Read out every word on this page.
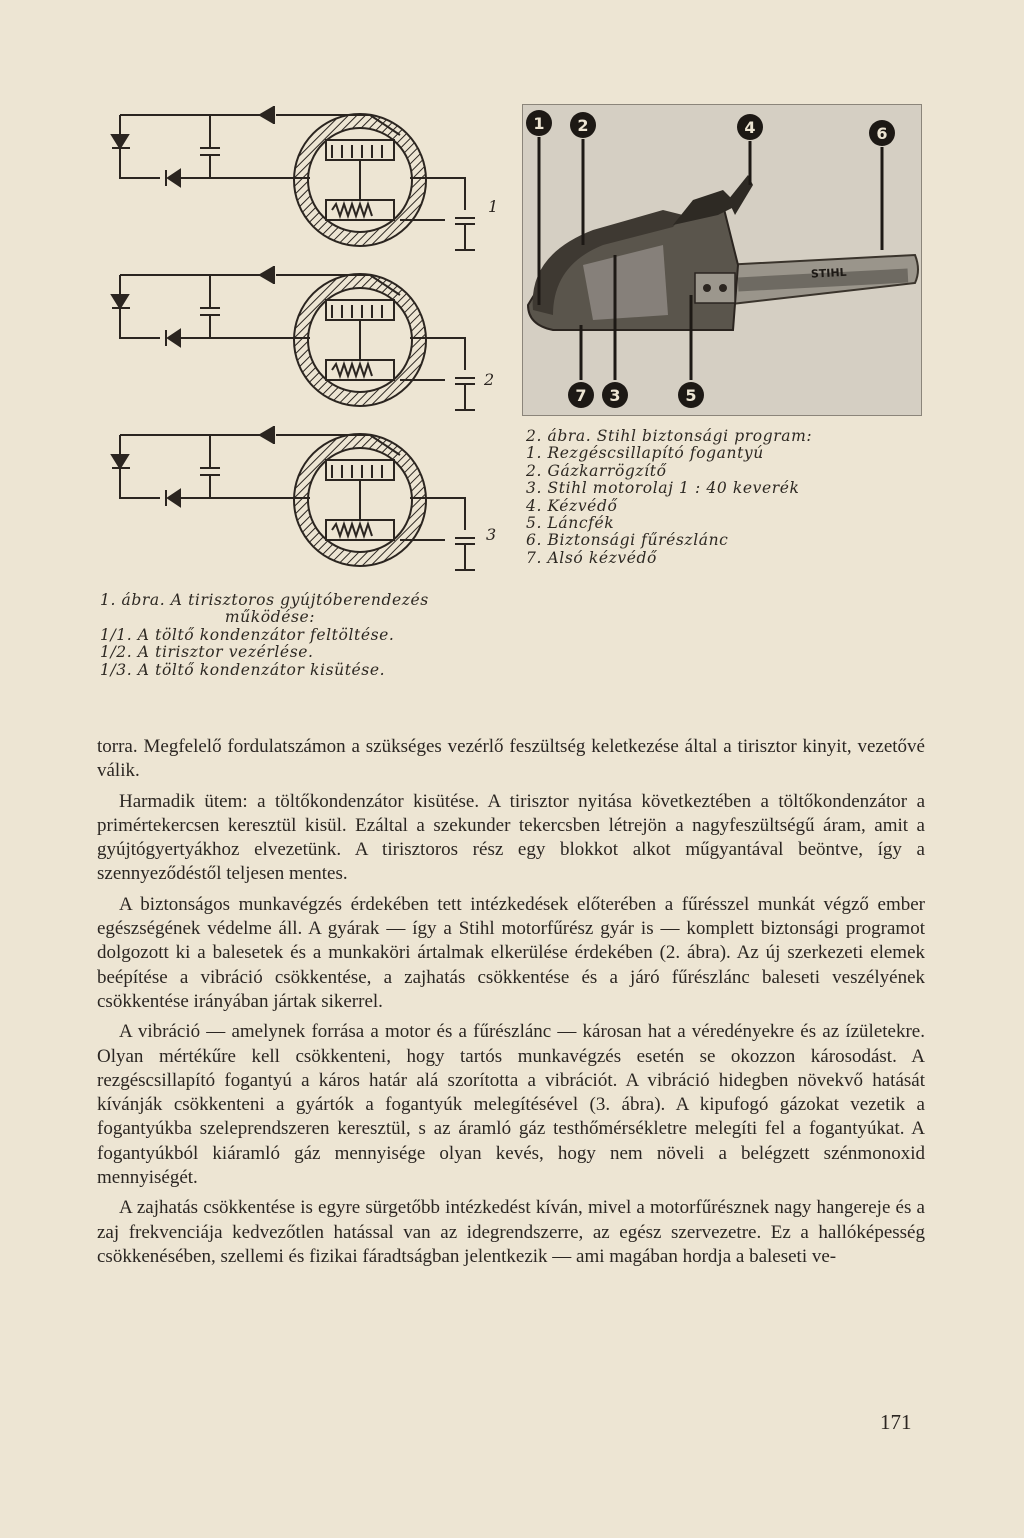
1
2
3
1 2	4	6
7 3	5
STIHL
2. ábra. Stihl biztonsági program:
1. Rezgéscsillapító fogantyú
2. Gázkarrögzítő
3. Stihl motorolaj 1 : 40 keverék
4. Kézvédő
5. Láncfék
6. Biztonsági fűrészlánc
7. Alsó kézvédő
1. ábra. A tirisztoros gyújtóberendezés
működése:
1/1. A töltő kondenzátor feltöltése.
1/2. A tirisztor vezérlése.
1/3. A töltő kondenzátor kisütése.

torra. Megfelelő fordulatszámon a szükséges vezérlő feszültség keletkezése által a tirisztor kinyit, vezetővé válik.

Harmadik ütem: a töltőkondenzátor kisütése. A tirisztor nyitása következtében a töltőkondenzátor a primértekercsen keresztül kisül. Ezáltal a szekunder tekercsben létrejön a nagyfeszültségű áram, amit a gyújtógyertyákhoz elvezetünk. A tirisztoros rész egy blokkot alkot műgyantával beöntve, így a szennyeződéstől teljesen mentes.

A biztonságos munkavégzés érdekében tett intézkedések előterében a fűrésszel munkát végző ember egészségének védelme áll. A gyárak — így a Stihl motorfűrész gyár is — komplett biztonsági programot dolgozott ki a balesetek és a munkaköri ártalmak elkerülése érdekében (2. ábra). Az új szerkezeti elemek beépítése a vibráció csökkentése, a zajhatás csökkentése és a járó fűrészlánc baleseti veszélyének csökkentése irányában jártak sikerrel.

A vibráció — amelynek forrása a motor és a fűrészlánc — károsan hat a véredényekre és az ízületekre. Olyan mértékűre kell csökkenteni, hogy tartós munkavégzés esetén se okozzon károsodást. A rezgéscsillapító fogantyú a káros határ alá szorította a vibrációt. A vibráció hidegben növekvő hatását kívánják csökkenteni a gyártók a fogantyúk melegítésével (3. ábra). A kipufogó gázokat vezetik a fogantyúkba szeleprendszeren keresztül, s az áramló gáz testhőmérsékletre melegíti fel a fogantyúkat. A fogantyúkból kiáramló gáz mennyisége olyan kevés, hogy nem növeli a belégzett szénmonoxid mennyiségét.

A zajhatás csökkentése is egyre sürgetőbb intézkedést kíván, mivel a motorfűrésznek nagy hangereje és a zaj frekvenciája kedvezőtlen hatással van az idegrendszerre, az egész szervezetre. Ez a hallóképesség csökkenésében, szellemi és fizikai fáradtságban jelentkezik — ami magában hordja a baleseti ve-

171
